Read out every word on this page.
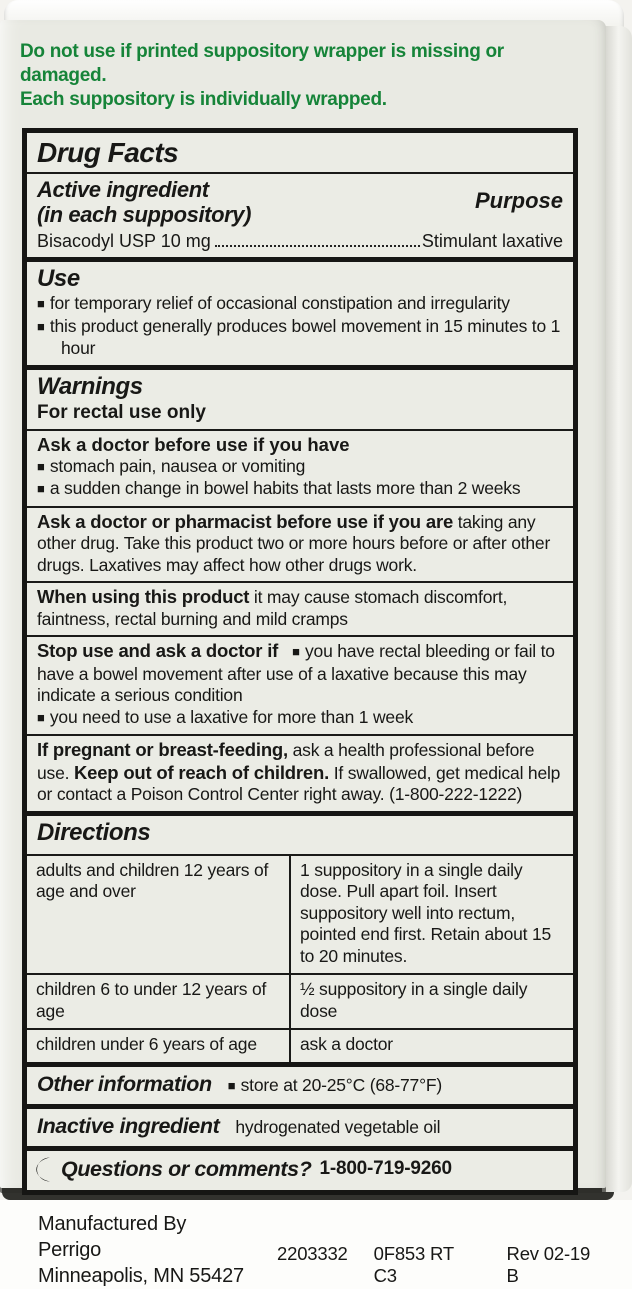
Do not use if printed suppository wrapper is missing or damaged.
Each suppository is individually wrapped.
Drug Facts
Active ingredient
(in each suppository)
Purpose
Bisacodyl USP 10 mg	Stimulant laxative
Use
■ for temporary relief of occasional constipation and irregularity
■ this product generally produces bowel movement in 15 minutes to 1 hour
Warnings
For rectal use only
Ask a doctor before use if you have
■ stomach pain, nausea or vomiting
■ a sudden change in bowel habits that lasts more than 2 weeks
Ask a doctor or pharmacist before use if you are taking any other drug. Take this product two or more hours before or after other drugs. Laxatives may affect how other drugs work.
When using this product it may cause stomach discomfort, faintness, rectal burning and mild cramps
Stop use and ask a doctor if ■ you have rectal bleeding or fail to have a bowel movement after use of a laxative because this may indicate a serious condition
■ you need to use a laxative for more than 1 week
If pregnant or breast-feeding, ask a health professional before use. Keep out of reach of children. If swallowed, get medical help or contact a Poison Control Center right away. (1-800-222-1222)
Directions
adults and children 12 years of age and over
1 suppository in a single daily dose. Pull apart foil. Insert suppository well into rectum, pointed end first. Retain about 15 to 20 minutes.
children 6 to under 12 years of age
½ suppository in a single daily dose
children under 6 years of age	ask a doctor
Other information ■ store at 20-25°C (68-77°F)
Inactive ingredient hydrogenated vegetable oil
Questions or comments? 1-800-719-9260
Manufactured By Perrigo
Minneapolis, MN 55427
2203332 0F853 RT C3
Rev 02-19 B
